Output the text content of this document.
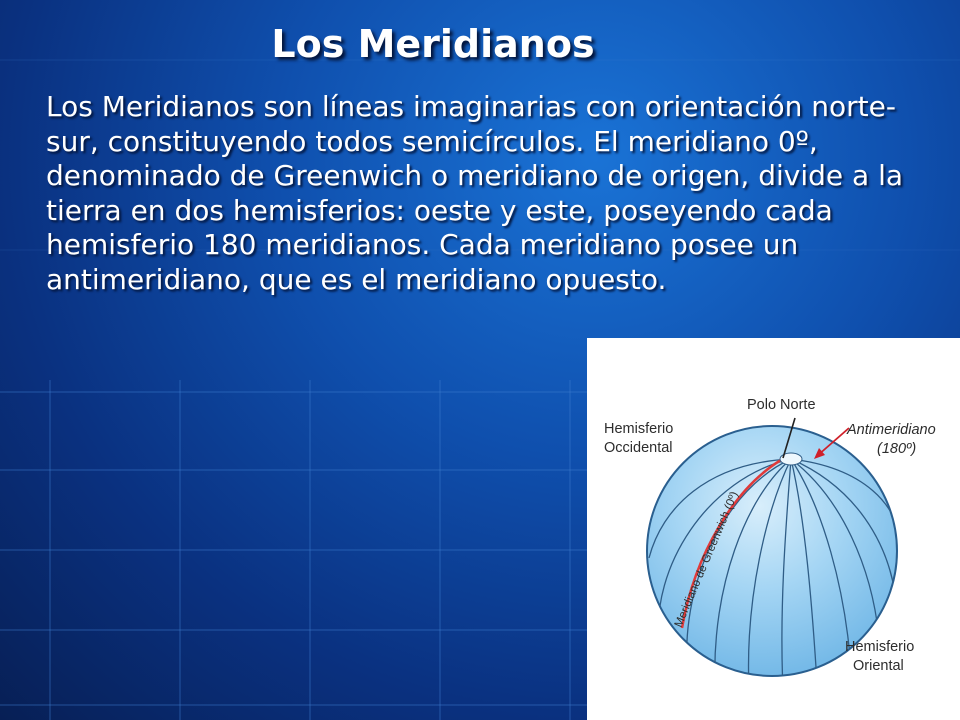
Los Meridianos

Los Meridianos son líneas imaginarias con orientación norte-sur, constituyendo todos semicírculos. El meridiano 0º, denominado de Greenwich o meridiano de origen, divide a la tierra en dos hemisferios: oeste y este, poseyendo cada hemisferio 180 meridianos. Cada meridiano posee un antimeridiano, que es el meridiano opuesto.

Hemisferio Occidental
Polo Norte
Antimeridiano (180º)
Meridiano de Greenwich (0º)
Hemisferio Oriental
